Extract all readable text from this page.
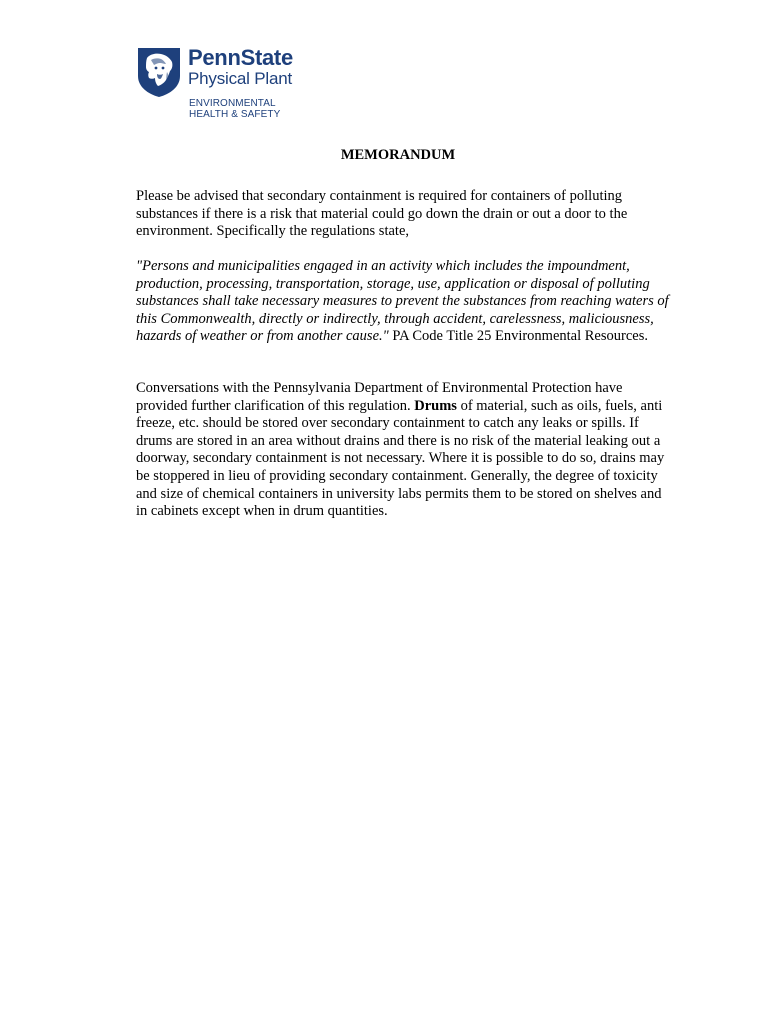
PennState
Physical Plant
ENVIRONMENTAL
HEALTH & SAFETY
MEMORANDUM

Please be advised that secondary containment is required for containers of polluting substances if there is a risk that material could go down the drain or out a door to the environment. Specifically the regulations state,

"Persons and municipalities engaged in an activity which includes the impoundment, production, processing, transportation, storage, use, application or disposal of polluting substances shall take necessary measures to prevent the substances from reaching waters of this Commonwealth, directly or indirectly, through accident, carelessness, maliciousness, hazards of weather or from another cause." PA Code Title 25 Environmental Resources.

Conversations with the Pennsylvania Department of Environmental Protection have provided further clarification of this regulation. Drums of material, such as oils, fuels, anti freeze, etc. should be stored over secondary containment to catch any leaks or spills. If drums are stored in an area without drains and there is no risk of the material leaking out a doorway, secondary containment is not necessary. Where it is possible to do so, drains may be stoppered in lieu of providing secondary containment. Generally, the degree of toxicity and size of chemical containers in university labs permits them to be stored on shelves and in cabinets except when in drum quantities.
